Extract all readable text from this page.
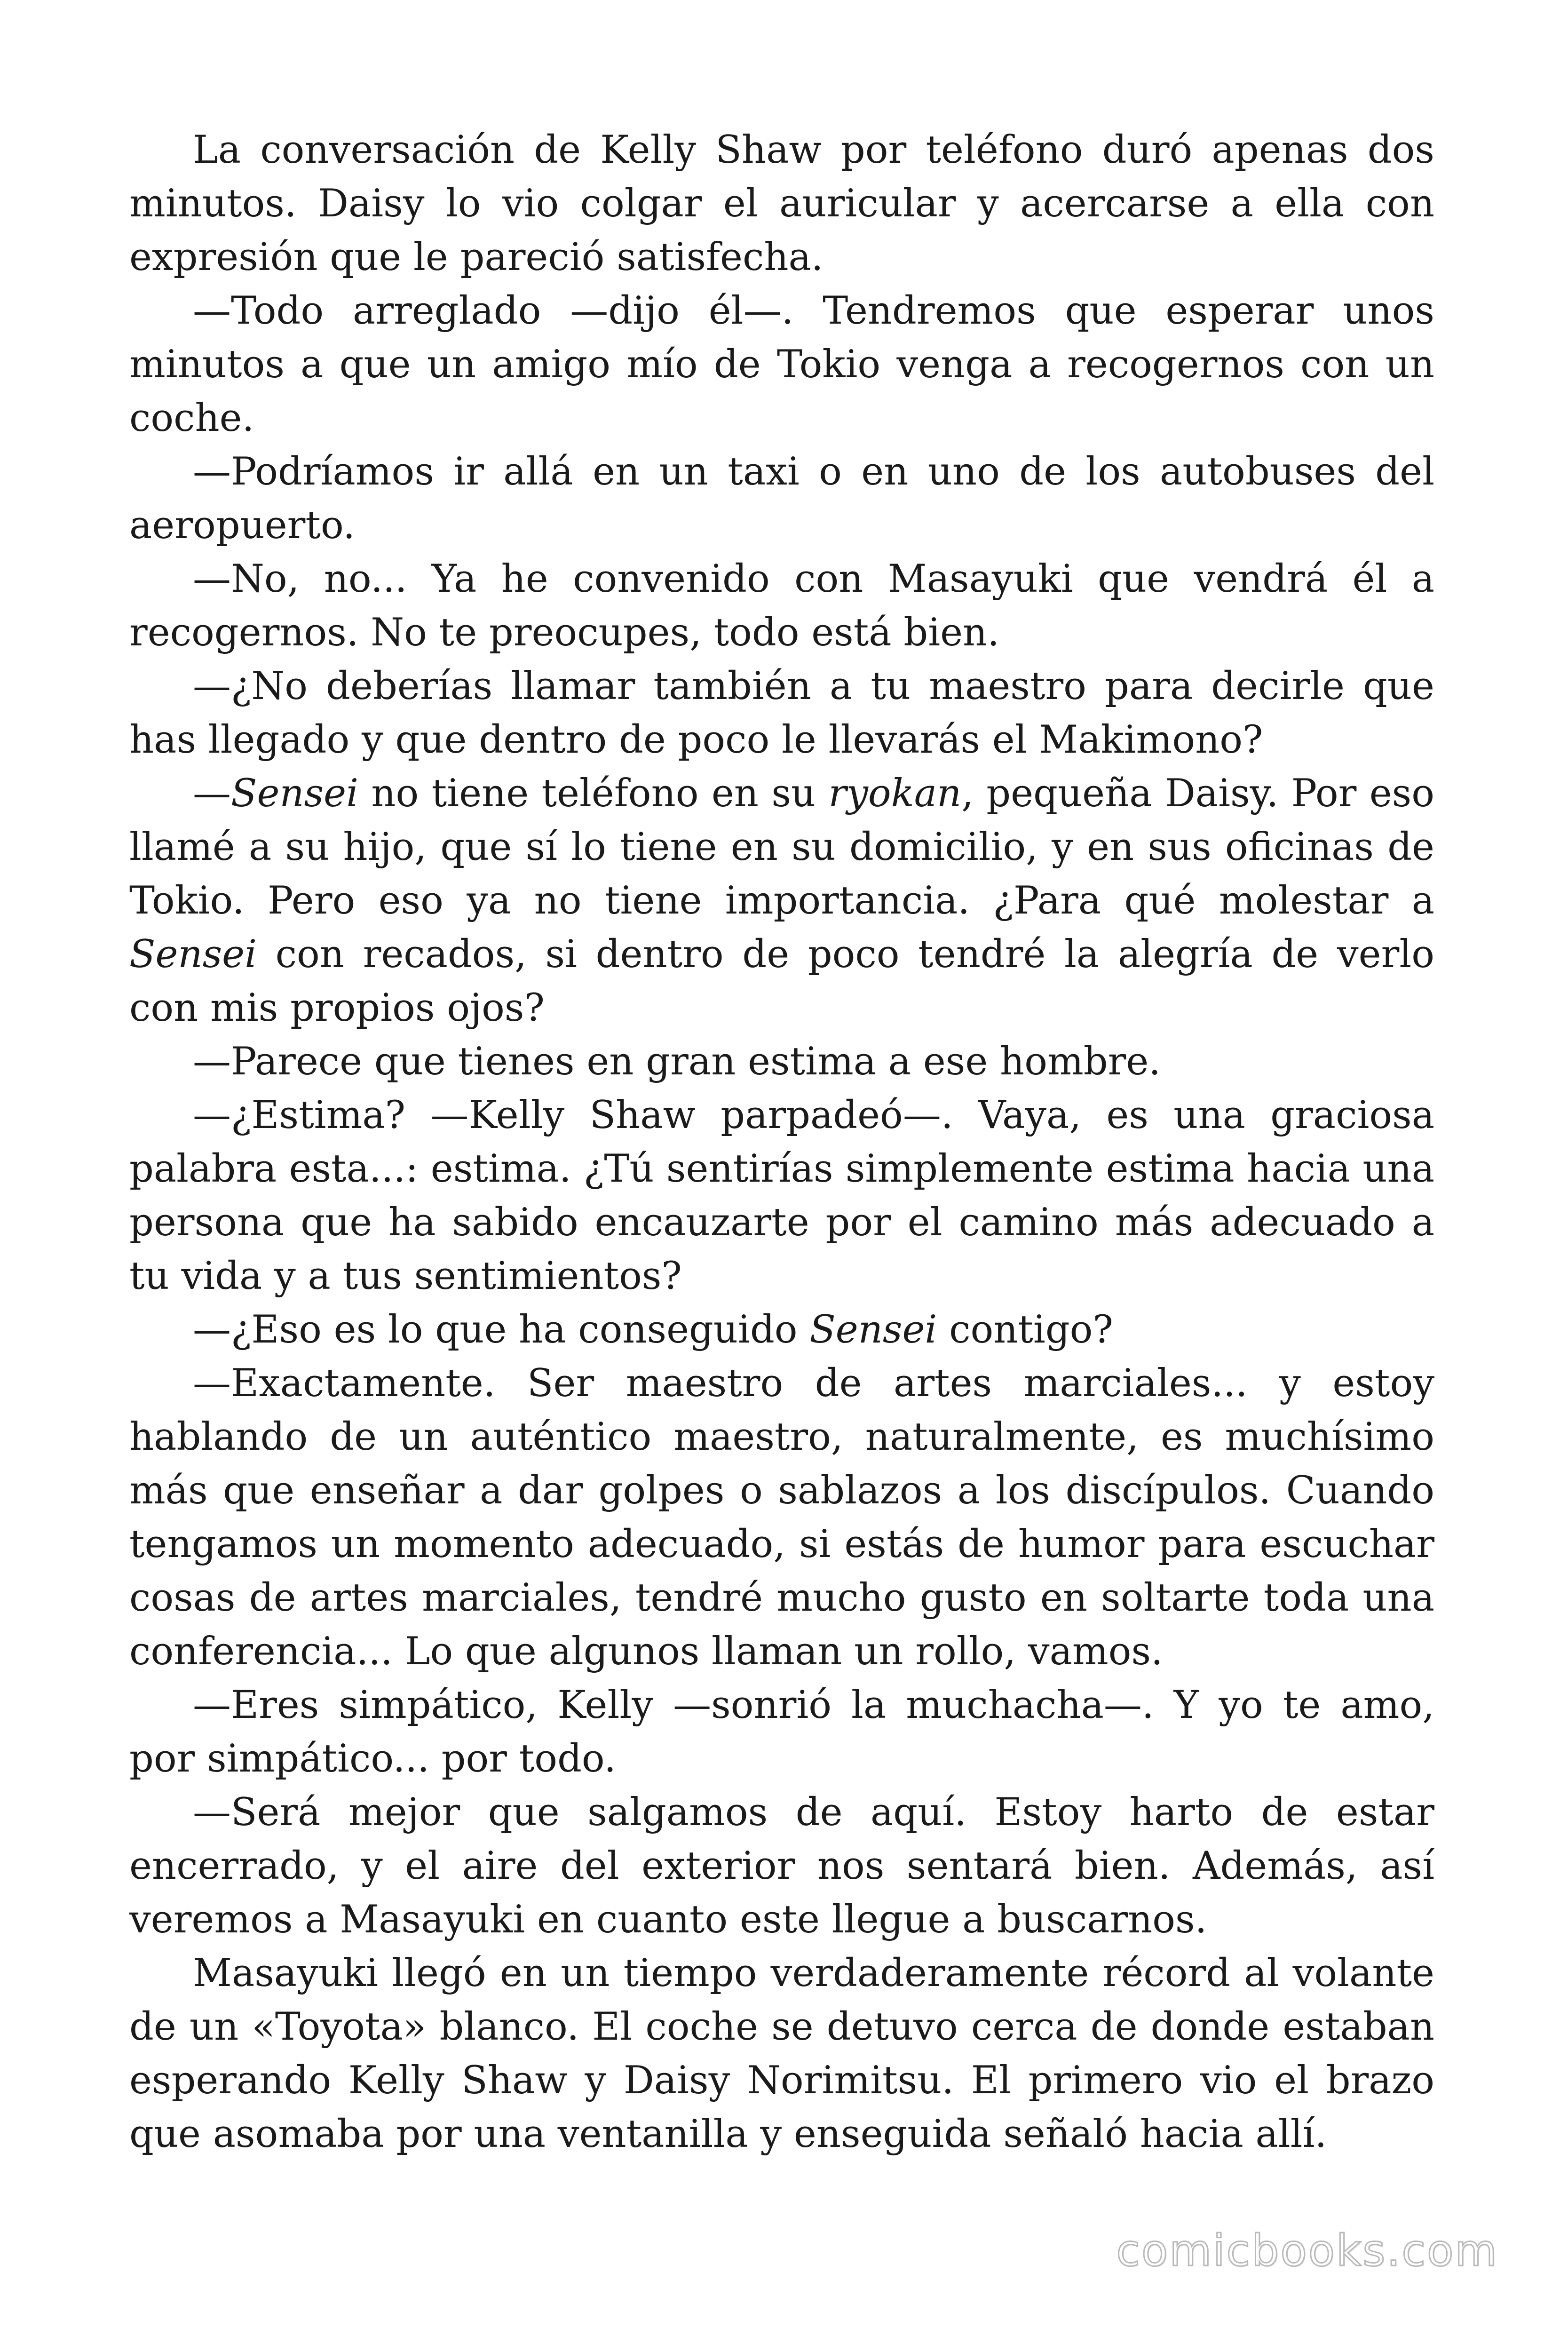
La conversación de Kelly Shaw por teléfono duró apenas dos minutos. Daisy lo vio colgar el auricular y acercarse a ella con expresión que le pareció satisfecha.

—Todo arreglado —dijo él—. Tendremos que esperar unos minutos a que un amigo mío de Tokio venga a recogernos con un coche.

—Podríamos ir allá en un taxi o en uno de los autobuses del aeropuerto.

—No, no... Ya he convenido con Masayuki que vendrá él a recogernos. No te preocupes, todo está bien.

—¿No deberías llamar también a tu maestro para decirle que has llegado y que dentro de poco le llevarás el Makimono?

—Sensei no tiene teléfono en su ryokan, pequeña Daisy. Por eso llamé a su hijo, que sí lo tiene en su domicilio, y en sus oficinas de Tokio. Pero eso ya no tiene importancia. ¿Para qué molestar a Sensei con recados, si dentro de poco tendré la alegría de verlo con mis propios ojos?

—Parece que tienes en gran estima a ese hombre.

—¿Estima? —Kelly Shaw parpadeó—. Vaya, es una graciosa palabra esta...: estima. ¿Tú sentirías simplemente estima hacia una persona que ha sabido encauzarte por el camino más adecuado a tu vida y a tus sentimientos?

—¿Eso es lo que ha conseguido Sensei contigo?

—Exactamente. Ser maestro de artes marciales... y estoy hablando de un auténtico maestro, naturalmente, es muchísimo más que enseñar a dar golpes o sablazos a los discípulos. Cuando tengamos un momento adecuado, si estás de humor para escuchar cosas de artes marciales, tendré mucho gusto en soltarte toda una conferencia... Lo que algunos llaman un rollo, vamos.

—Eres simpático, Kelly —sonrió la muchacha—. Y yo te amo, por simpático... por todo.

—Será mejor que salgamos de aquí. Estoy harto de estar encerrado, y el aire del exterior nos sentará bien. Además, así veremos a Masayuki en cuanto este llegue a buscarnos.

Masayuki llegó en un tiempo verdaderamente récord al volante de un «Toyota» blanco. El coche se detuvo cerca de donde estaban esperando Kelly Shaw y Daisy Norimitsu. El primero vio el brazo que asomaba por una ventanilla y enseguida señaló hacia allí.

comicbooks.com
